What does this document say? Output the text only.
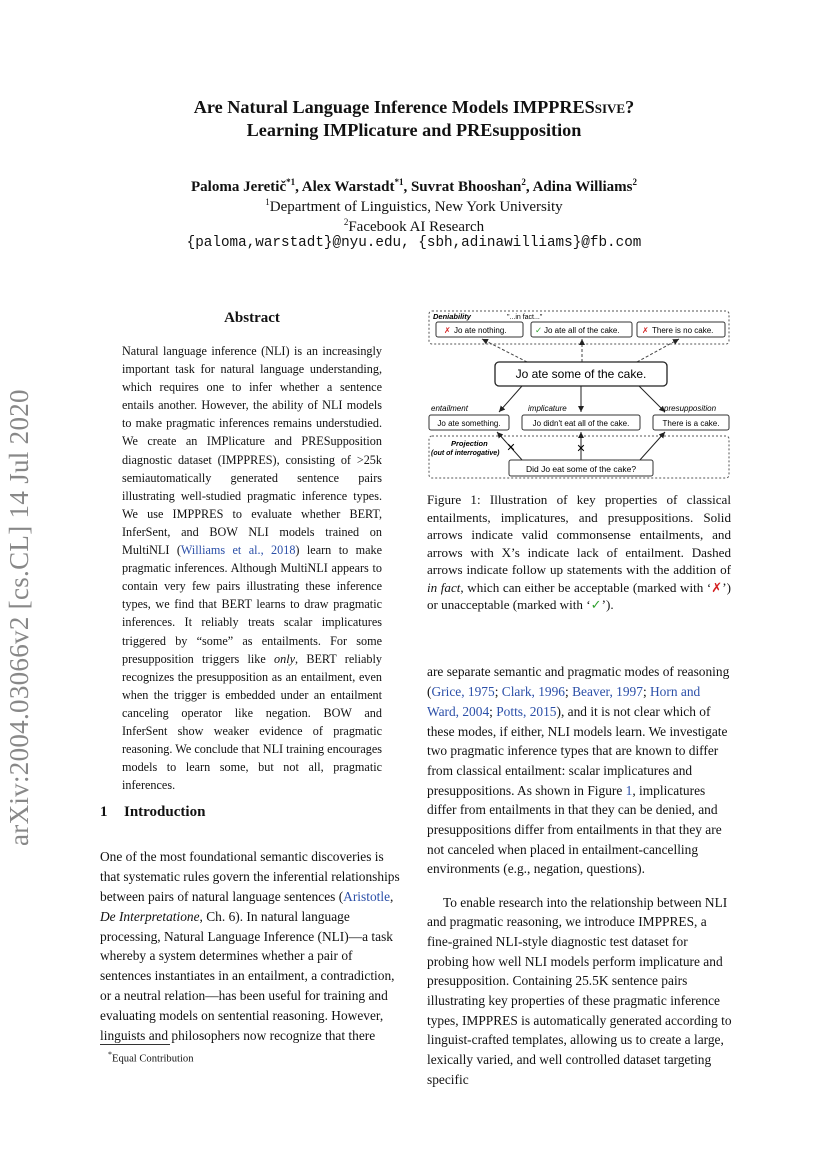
arXiv:2004.03066v2 [cs.CL] 14 Jul 2020
Are Natural Language Inference Models IMPPRESsive?
Learning IMPlicature and PREsupposition
Paloma Jeretič$^{*1}$, Alex Warstadt$^{*1}$, Suvrat Bhooshan$^2$, Adina Williams$^2$
$^1$Department of Linguistics, New York University
$^2$Facebook AI Research
{paloma,warstadt}@nyu.edu, {sbh,adinawilliams}@fb.com
Abstract

Natural language inference (NLI) is an increasingly important task for natural language understanding, which requires one to infer whether a sentence entails another. However, the ability of NLI models to make pragmatic inferences remains understudied. We create an IMPlicature and PRESupposition diagnostic dataset (IMPPRES), consisting of >25k semiautomatically generated sentence pairs illustrating well-studied pragmatic inference types. We use IMPPRES to evaluate whether BERT, InferSent, and BOW NLI models trained on MultiNLI (Williams et al., 2018) learn to make pragmatic inferences. Although MultiNLI appears to contain very few pairs illustrating these inference types, we find that BERT learns to draw pragmatic inferences. It reliably treats scalar implicatures triggered by “some” as entailments. For some presupposition triggers like only, BERT reliably recognizes the presupposition as an entailment, even when the trigger is embedded under an entailment canceling operator like negation. BOW and InferSent show weaker evidence of pragmatic reasoning. We conclude that NLI training encourages models to learn some, but not all, pragmatic inferences.

1 Introduction

One of the most foundational semantic discoveries is that systematic rules govern the inferential relationships between pairs of natural language sentences (Aristotle, De Interpretatione, Ch. 6). In natural language processing, Natural Language Inference (NLI)—a task whereby a system determines whether a pair of sentences instantiates in an entailment, a contradiction, or a neutral relation—has been useful for training and evaluating models on sentential reasoning. However, linguists and philosophers now recognize that there

*Equal Contribution
Deniability	"...in fact..."
✗ Jo ate nothing.	✓ Jo ate all of the cake.	✗ There is no cake.
Jo ate some of the cake.
entailment	implicature	presupposition
Jo ate something.	Jo didn't eat all of the cake.	There is a cake.
Projection
(out of interrogative) ✕	✕
Did Jo eat some of the cake?

Figure 1: Illustration of key properties of classical entailments, implicatures, and presuppositions. Solid arrows indicate valid commonsense entailments, and arrows with X’s indicate lack of entailment. Dashed arrows indicate follow up statements with the addition of in fact, which can either be acceptable (marked with ‘✗’) or unacceptable (marked with ‘✓’).

are separate semantic and pragmatic modes of reasoning (Grice, 1975; Clark, 1996; Beaver, 1997; Horn and Ward, 2004; Potts, 2015), and it is not clear which of these modes, if either, NLI models learn. We investigate two pragmatic inference types that are known to differ from classical entailment: scalar implicatures and presuppositions. As shown in Figure 1, implicatures differ from entailments in that they can be denied, and presuppositions differ from entailments in that they are not canceled when placed in entailment-cancelling environments (e.g., negation, questions).

To enable research into the relationship between NLI and pragmatic reasoning, we introduce IMPPRES, a fine-grained NLI-style diagnostic test dataset for probing how well NLI models perform implicature and presupposition. Containing 25.5K sentence pairs illustrating key properties of these pragmatic inference types, IMPPRES is automatically generated according to linguist-crafted templates, allowing us to create a large, lexically varied, and well controlled dataset targeting specific
